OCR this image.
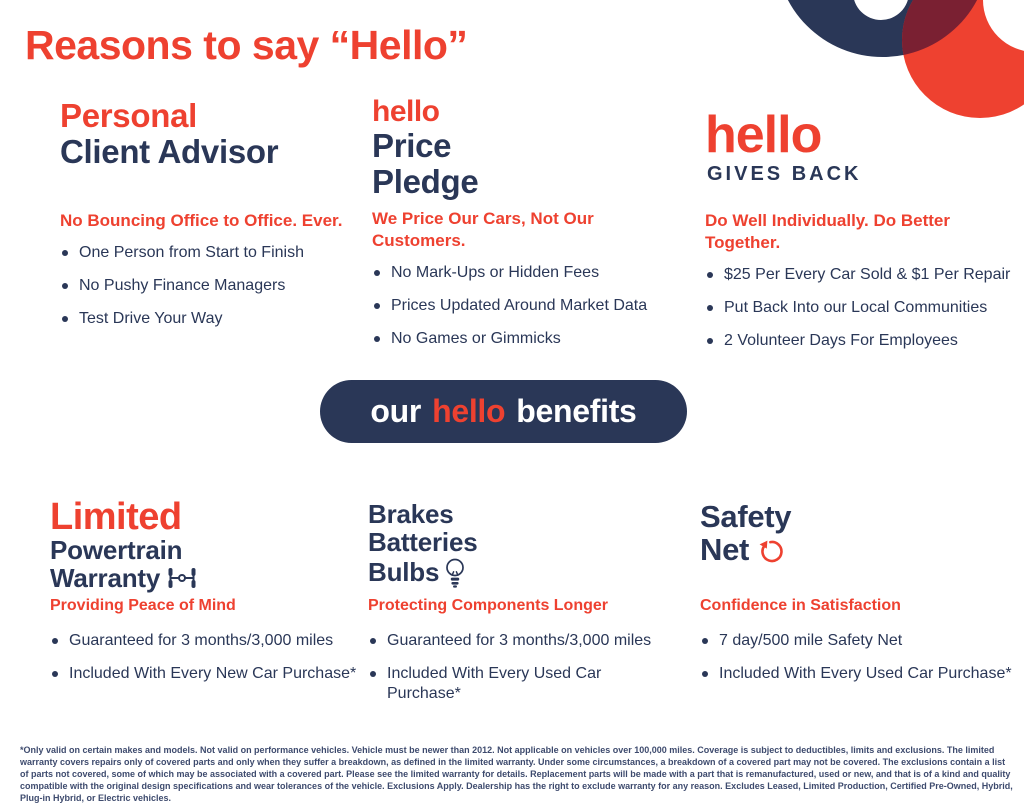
Reasons to say “Hello”
Personal
Client Advisor
No Bouncing Office to Office. Ever.
One Person from Start to Finish
No Pushy Finance Managers
Test Drive Your Way
hello
Price
Pledge
We Price Our Cars, Not Our Customers.
No Mark-Ups or Hidden Fees
Prices Updated Around Market Data
No Games or Gimmicks
hello
GIVES BACK
Do Well Individually. Do Better Together.
$25 Per Every Car Sold & $1 Per Repair
Put Back Into our Local Communities
2 Volunteer Days For Employees
our hello benefits
Limited
Powertrain
Warranty
Providing Peace of Mind
Guaranteed for 3 months/3,000 miles
Included With Every New Car Purchase*
Brakes
Batteries
Bulbs
Protecting Components Longer
Guaranteed for 3 months/3,000 miles
Included With Every Used Car Purchase*
Safety
Net
Confidence in Satisfaction
7 day/500 mile Safety Net
Included With Every Used Car Purchase*

*Only valid on certain makes and models. Not valid on performance vehicles. Vehicle must be newer than 2012. Not applicable on vehicles over 100,000 miles. Coverage is subject to deductibles, limits and exclusions. The limited warranty covers repairs only of covered parts and only when they suffer a breakdown, as defined in the limited warranty. Under some circumstances, a breakdown of a covered part may not be covered. The exclusions contain a list of parts not covered, some of which may be associated with a covered part. Please see the limited warranty for details. Replacement parts will be made with a part that is remanufactured, used or new, and that is of a kind and quality compatible with the original design specifications and wear tolerances of the vehicle. Exclusions Apply. Dealership has the right to exclude warranty for any reason. Excludes Leased, Limited Production, Certified Pre-Owned, Hybrid, Plug-in Hybrid, or Electric vehicles.
